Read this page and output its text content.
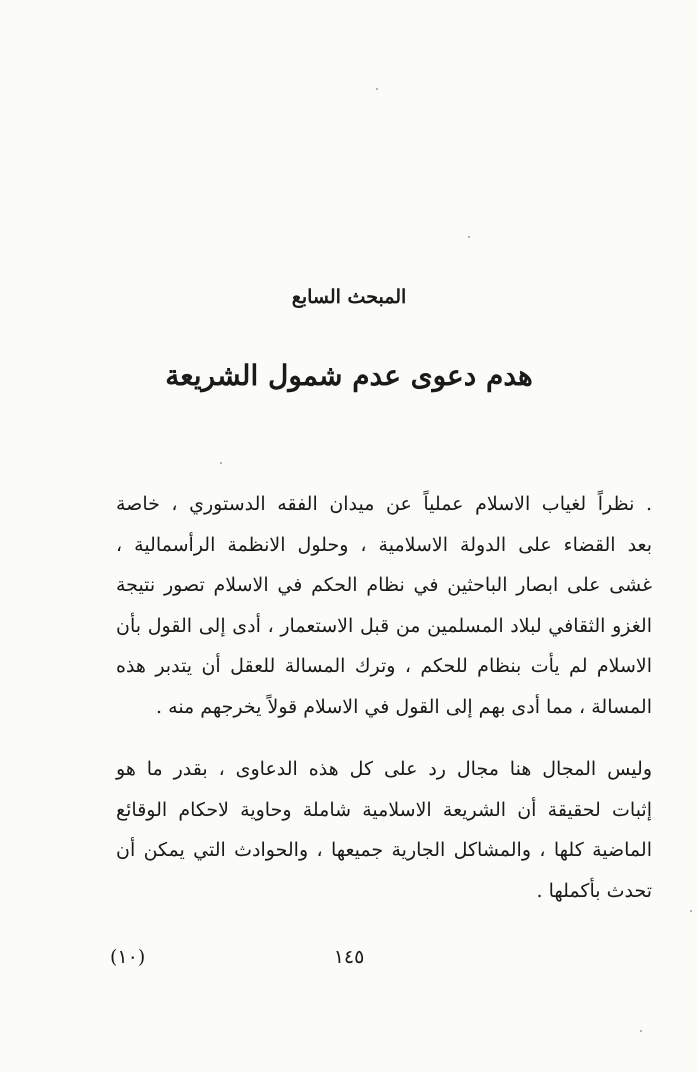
المبحث السابع
هدم دعوى عدم شمول الشريعة

. نظراً لغياب الاسلام عملياً عن ميدان الفقه الدستوري ، خاصة
بعد القضاء على الدولة الاسلامية ، وحلول الانظمة الرأسمالية ،
غشى على ابصار الباحثين في نظام الحكم في الاسلام تصور نتيجة
الغزو الثقافي لبلاد المسلمين من قبل الاستعمار ، أدى إلى القول بأن
الاسلام لم يأت بنظام للحكم ، وترك المسالة للعقل أن يتدبر هذه
المسالة ، مما أدى بهم إلى القول في الاسلام قولاً يخرجهم منه .

وليس المجال هنا مجال رد على كل هذه الدعاوى ، بقدر ما هو
إثبات لحقيقة أن الشريعة الاسلامية شاملة وحاوية لاحكام الوقائع
الماضية كلها ، والمشاكل الجارية جميعها ، والحوادث التي يمكن أن
تحدث بأكملها .

١٤٥
(١٠)
